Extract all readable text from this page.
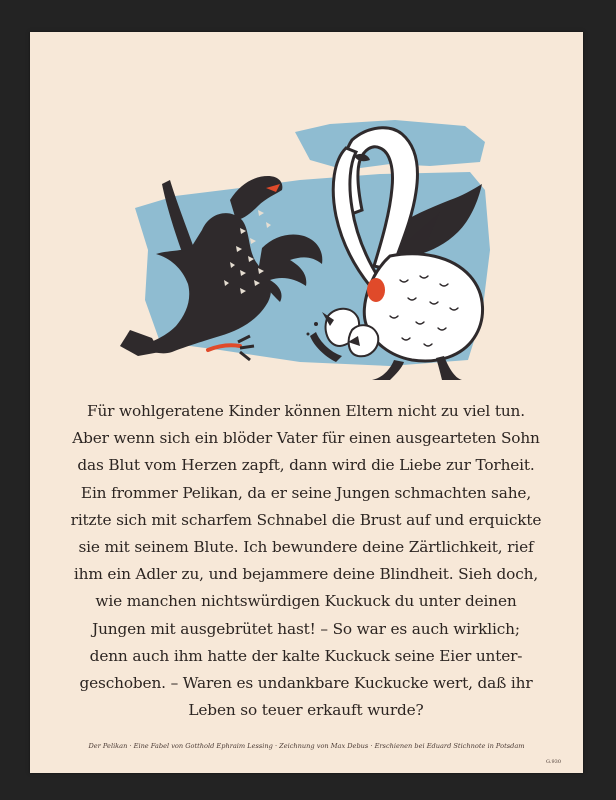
Für wohlgeratene Kinder können Eltern nicht zu viel tun.
Aber wenn sich ein blöder Vater für einen ausgearteten Sohn
das Blut vom Herzen zapft, dann wird die Liebe zur Torheit.
Ein frommer Pelikan, da er seine Jungen schmachten sahe,
ritzte sich mit scharfem Schnabel die Brust auf und erquickte
sie mit seinem Blute. Ich bewundere deine Zärtlichkeit, rief
ihm ein Adler zu, und bejammere deine Blindheit. Sieh doch,
wie manchen nichtswürdigen Kuckuck du unter deinen
Jungen mit ausgebrütet hast! – So war es auch wirklich;
denn auch ihm hatte der kalte Kuckuck seine Eier unter-
geschoben. – Waren es undankbare Kuckucke wert, daß ihr
Leben so teuer erkauft wurde?
Der Pelikan · Eine Fabel von Gotthold Ephraim Lessing · Zeichnung von Max Debus · Erschienen bei Eduard Stichnote in Potsdam
G.930
